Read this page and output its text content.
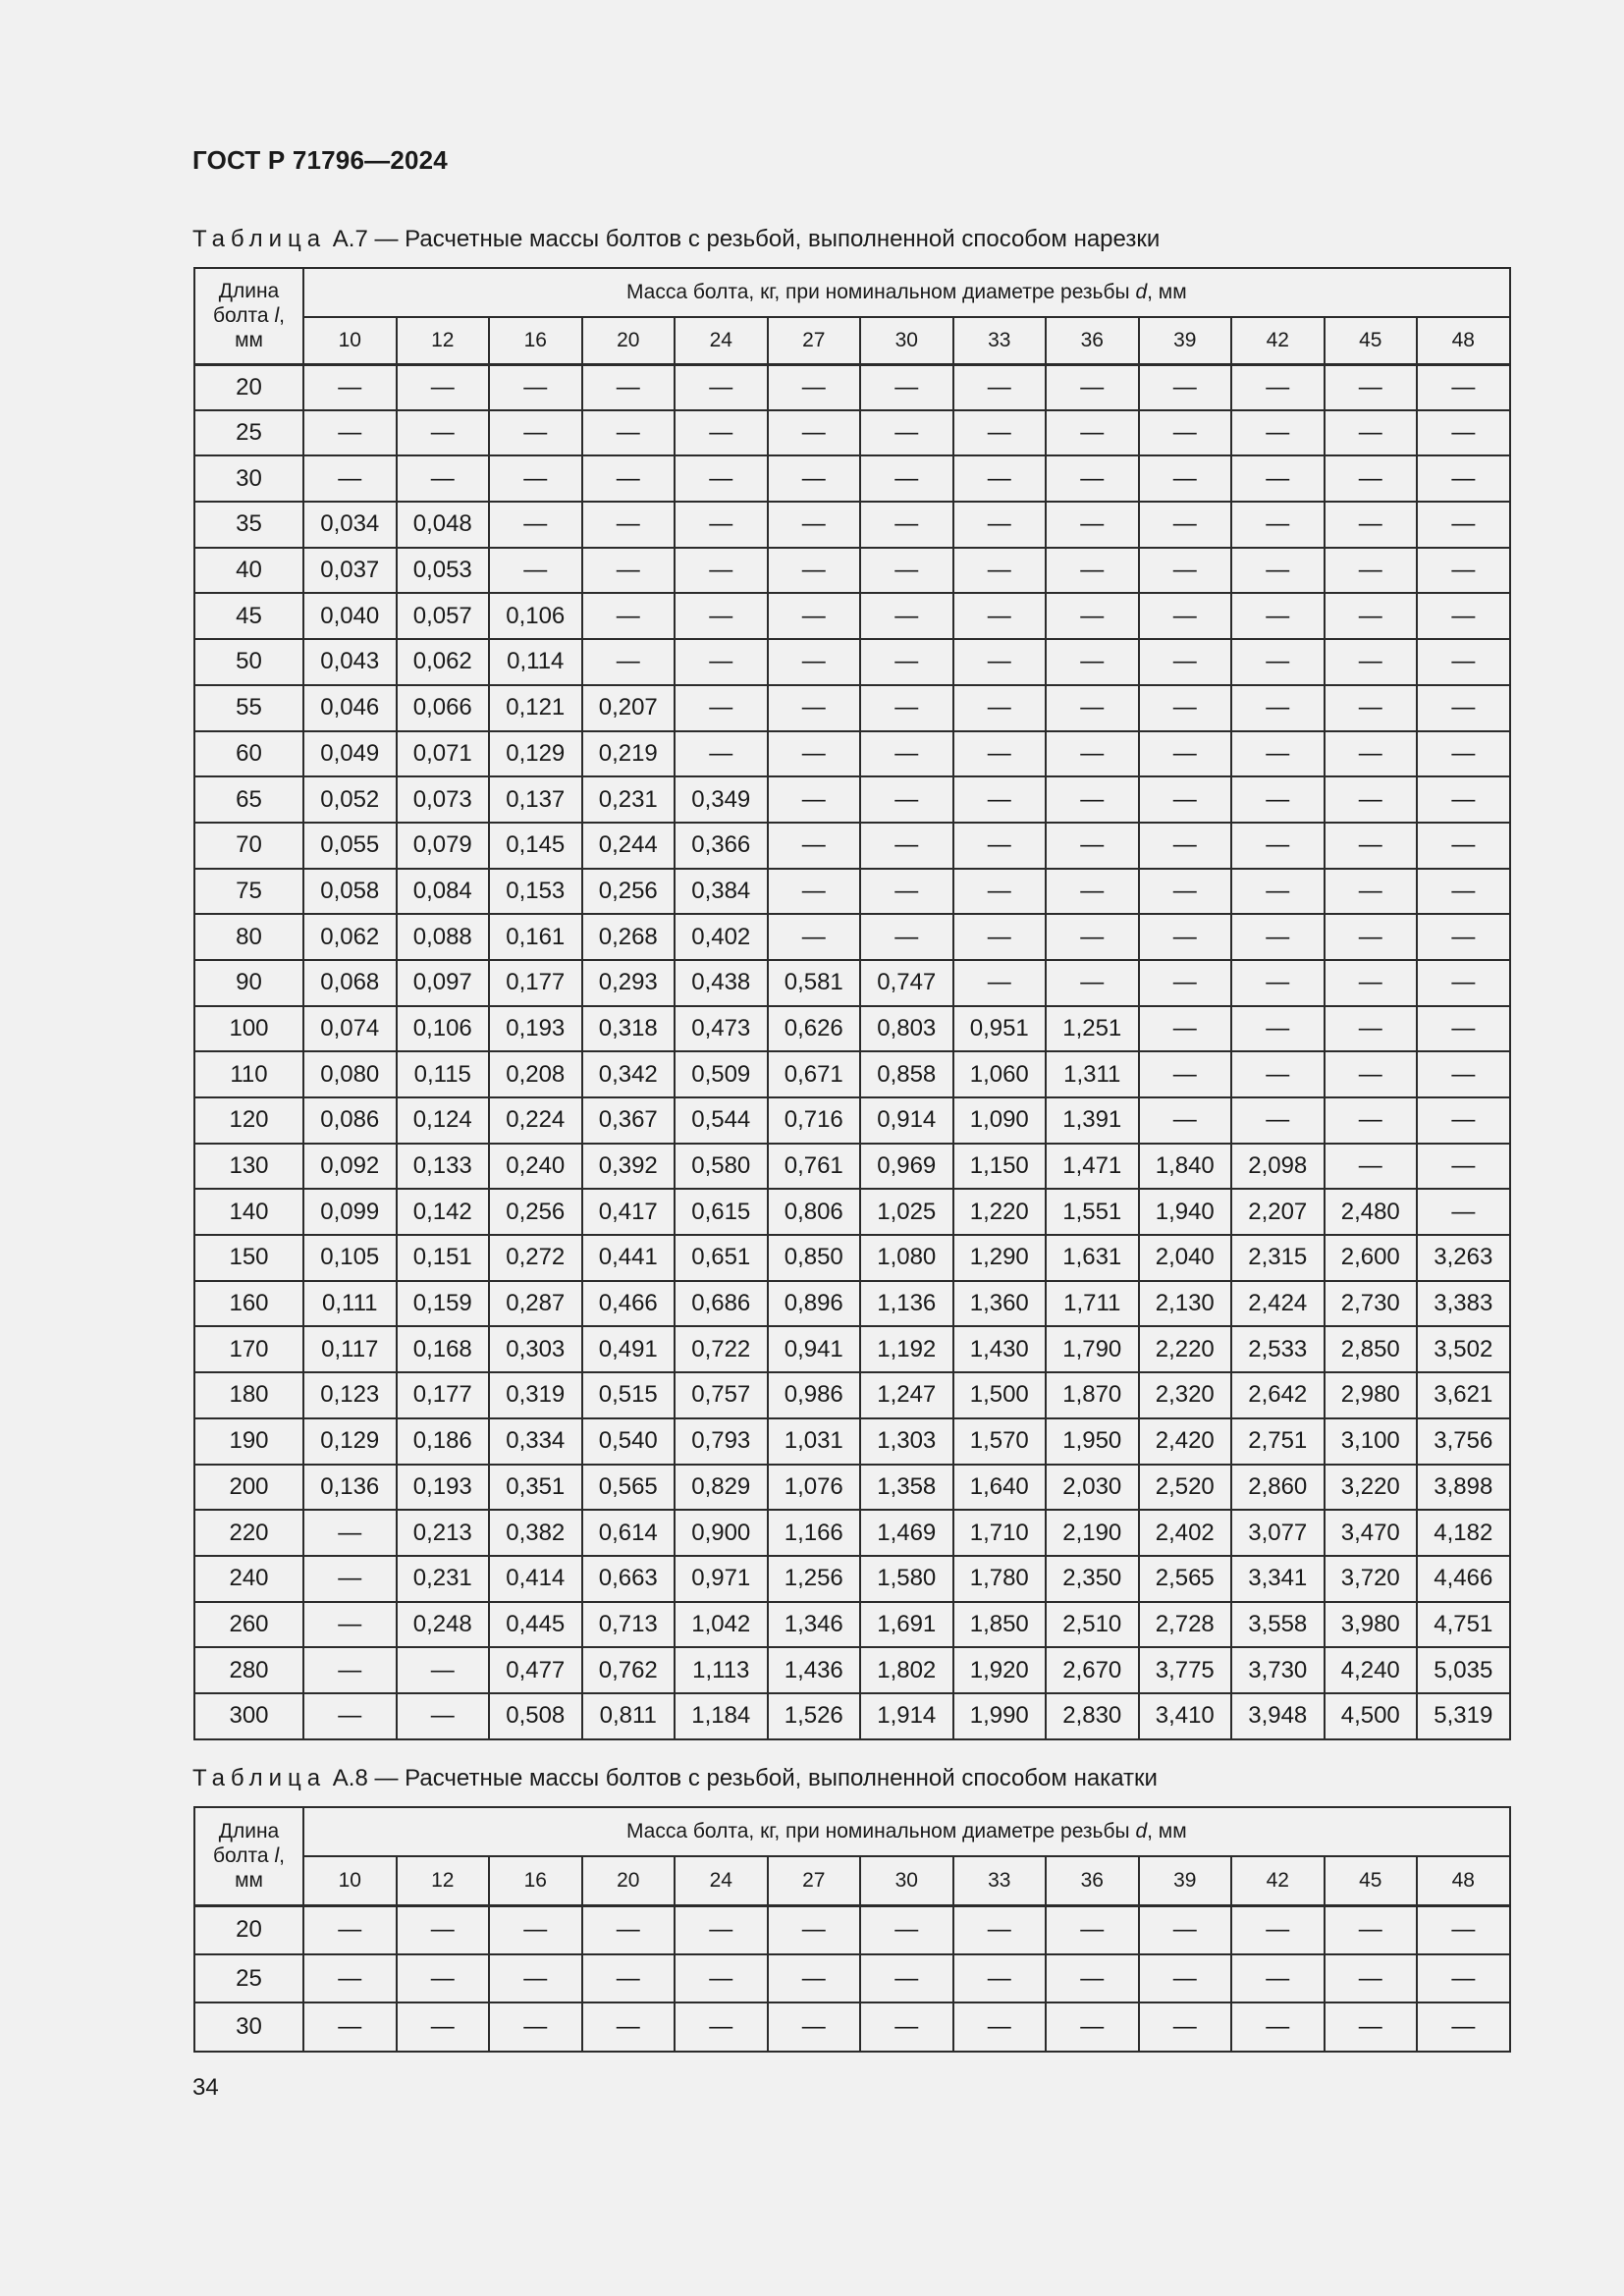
ГОСТ Р 71796—2024
Таблица А.7 — Расчетные массы болтов с резьбой, выполненной способом нарезки
Длина
болта l,
мм	Масса болта, кг, при номинальном диаметре резьбы d, мм												
	10	12	16	20	24	27	30	33	36	39	42	45	48
20	—	—	—	—	—	—	—	—	—	—	—	—	—
25	—	—	—	—	—	—	—	—	—	—	—	—	—
30	—	—	—	—	—	—	—	—	—	—	—	—	—
35	0,034	0,048	—	—	—	—	—	—	—	—	—	—	—
40	0,037	0,053	—	—	—	—	—	—	—	—	—	—	—
45	0,040	0,057	0,106	—	—	—	—	—	—	—	—	—	—
50	0,043	0,062	0,114	—	—	—	—	—	—	—	—	—	—
55	0,046	0,066	0,121	0,207	—	—	—	—	—	—	—	—	—
60	0,049	0,071	0,129	0,219	—	—	—	—	—	—	—	—	—
65	0,052	0,073	0,137	0,231	0,349	—	—	—	—	—	—	—	—
70	0,055	0,079	0,145	0,244	0,366	—	—	—	—	—	—	—	—
75	0,058	0,084	0,153	0,256	0,384	—	—	—	—	—	—	—	—
80	0,062	0,088	0,161	0,268	0,402	—	—	—	—	—	—	—	—
90	0,068	0,097	0,177	0,293	0,438	0,581	0,747	—	—	—	—	—	—
100	0,074	0,106	0,193	0,318	0,473	0,626	0,803	0,951	1,251	—	—	—	—
110	0,080	0,115	0,208	0,342	0,509	0,671	0,858	1,060	1,311	—	—	—	—
120	0,086	0,124	0,224	0,367	0,544	0,716	0,914	1,090	1,391	—	—	—	—
130	0,092	0,133	0,240	0,392	0,580	0,761	0,969	1,150	1,471	1,840	2,098	—	—
140	0,099	0,142	0,256	0,417	0,615	0,806	1,025	1,220	1,551	1,940	2,207	2,480	—
150	0,105	0,151	0,272	0,441	0,651	0,850	1,080	1,290	1,631	2,040	2,315	2,600	3,263
160	0,111	0,159	0,287	0,466	0,686	0,896	1,136	1,360	1,711	2,130	2,424	2,730	3,383
170	0,117	0,168	0,303	0,491	0,722	0,941	1,192	1,430	1,790	2,220	2,533	2,850	3,502
180	0,123	0,177	0,319	0,515	0,757	0,986	1,247	1,500	1,870	2,320	2,642	2,980	3,621
190	0,129	0,186	0,334	0,540	0,793	1,031	1,303	1,570	1,950	2,420	2,751	3,100	3,756
200	0,136	0,193	0,351	0,565	0,829	1,076	1,358	1,640	2,030	2,520	2,860	3,220	3,898
220	—	0,213	0,382	0,614	0,900	1,166	1,469	1,710	2,190	2,402	3,077	3,470	4,182
240	—	0,231	0,414	0,663	0,971	1,256	1,580	1,780	2,350	2,565	3,341	3,720	4,466
260	—	0,248	0,445	0,713	1,042	1,346	1,691	1,850	2,510	2,728	3,558	3,980	4,751
280	—	—	0,477	0,762	1,113	1,436	1,802	1,920	2,670	3,775	3,730	4,240	5,035
300	—	—	0,508	0,811	1,184	1,526	1,914	1,990	2,830	3,410	3,948	4,500	5,319
Таблица А.8 — Расчетные массы болтов с резьбой, выполненной способом накатки
Длина
болта l,
мм	Масса болта, кг, при номинальном диаметре резьбы d, мм												
	10	12	16	20	24	27	30	33	36	39	42	45	48
20	—	—	—	—	—	—	—	—	—	—	—	—	—
25	—	—	—	—	—	—	—	—	—	—	—	—	—
30	—	—	—	—	—	—	—	—	—	—	—	—	—
34
